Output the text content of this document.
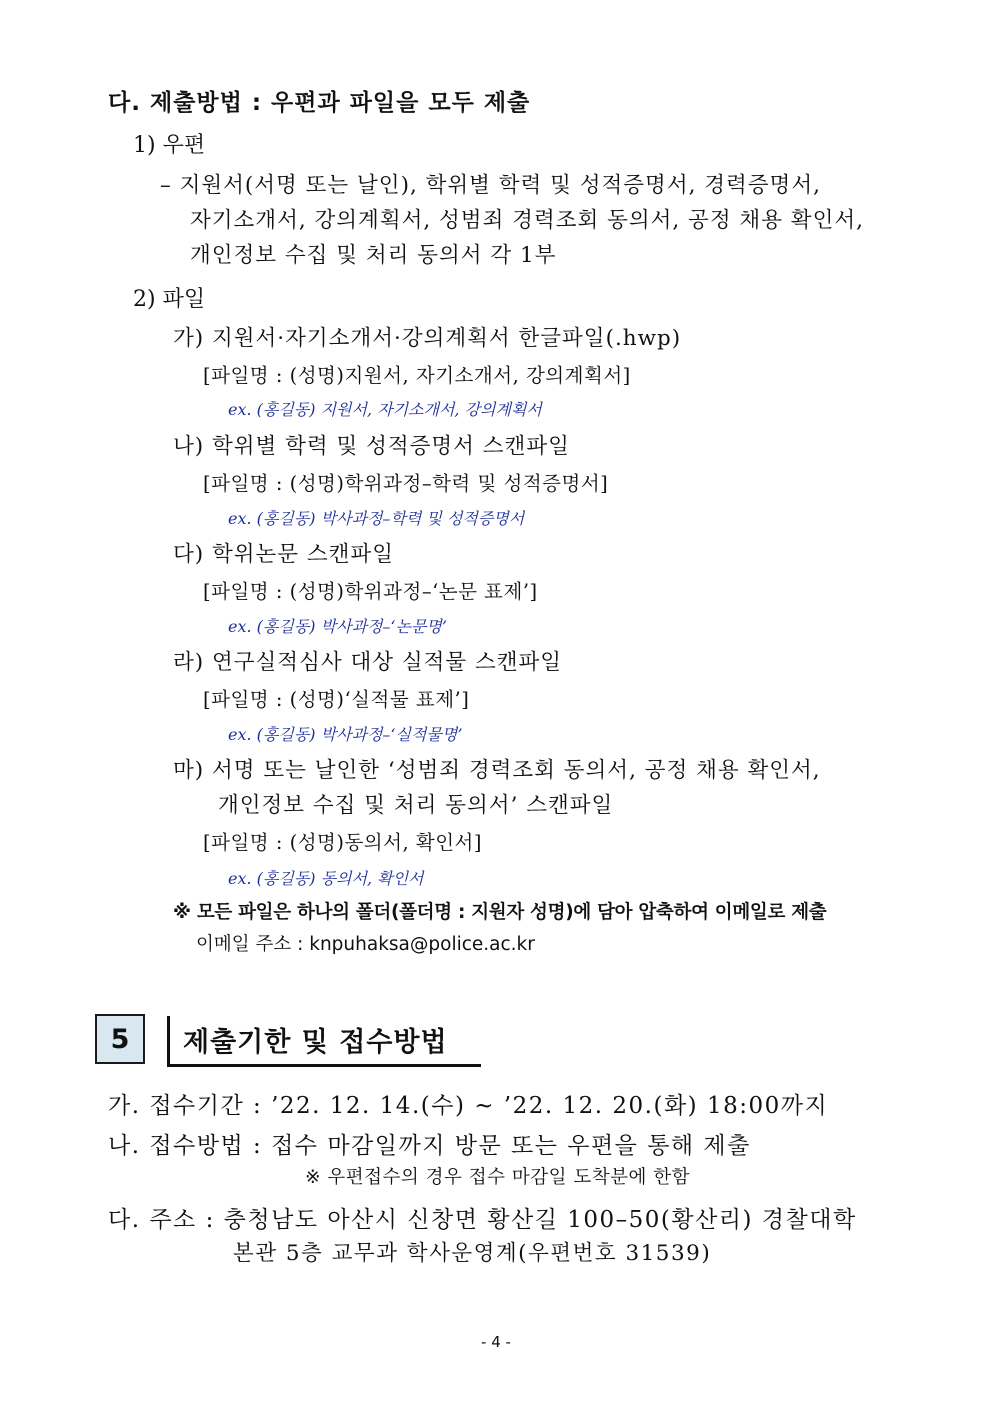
다. 제출방법 : 우편과 파일을 모두 제출
1) 우편
– 지원서(서명 또는 날인), 학위별 학력 및 성적증명서, 경력증명서,
자기소개서, 강의계획서, 성범죄 경력조회 동의서, 공정 채용 확인서,
개인정보 수집 및 처리 동의서 각 1부
2) 파일
가) 지원서·자기소개서·강의계획서 한글파일(.hwp)
[파일명 : (성명)지원서, 자기소개서, 강의계획서]
ex. (홍길동) 지원서, 자기소개서, 강의계획서
나) 학위별 학력 및 성적증명서 스캔파일
[파일명 : (성명)학위과정–학력 및 성적증명서]
ex. (홍길동) 박사과정–학력 및 성적증명서
다) 학위논문 스캔파일
[파일명 : (성명)학위과정–‘논문 표제’]
ex. (홍길동) 박사과정–‘논문명’
라) 연구실적심사 대상 실적물 스캔파일
[파일명 : (성명)‘실적물 표제’]
ex. (홍길동) 박사과정–‘실적물명’
마) 서명 또는 날인한 ‘성범죄 경력조회 동의서, 공정 채용 확인서,
개인정보 수집 및 처리 동의서’ 스캔파일
[파일명 : (성명)동의서, 확인서]
ex. (홍길동) 동의서, 확인서
※ 모든 파일은 하나의 폴더(폴더명 : 지원자 성명)에 담아 압축하여 이메일로 제출
이메일 주소 : knpuhaksa@police.ac.kr
5 제출기한 및 접수방법
가. 접수기간 : ’22. 12. 14.(수) ~ ’22. 12. 20.(화) 18:00까지
나. 접수방법 : 접수 마감일까지 방문 또는 우편을 통해 제출
※ 우편접수의 경우 접수 마감일 도착분에 한함
다. 주소 : 충청남도 아산시 신창면 황산길 100–50(황산리) 경찰대학
본관 5층 교무과 학사운영계(우편번호 31539)
- 4 -
